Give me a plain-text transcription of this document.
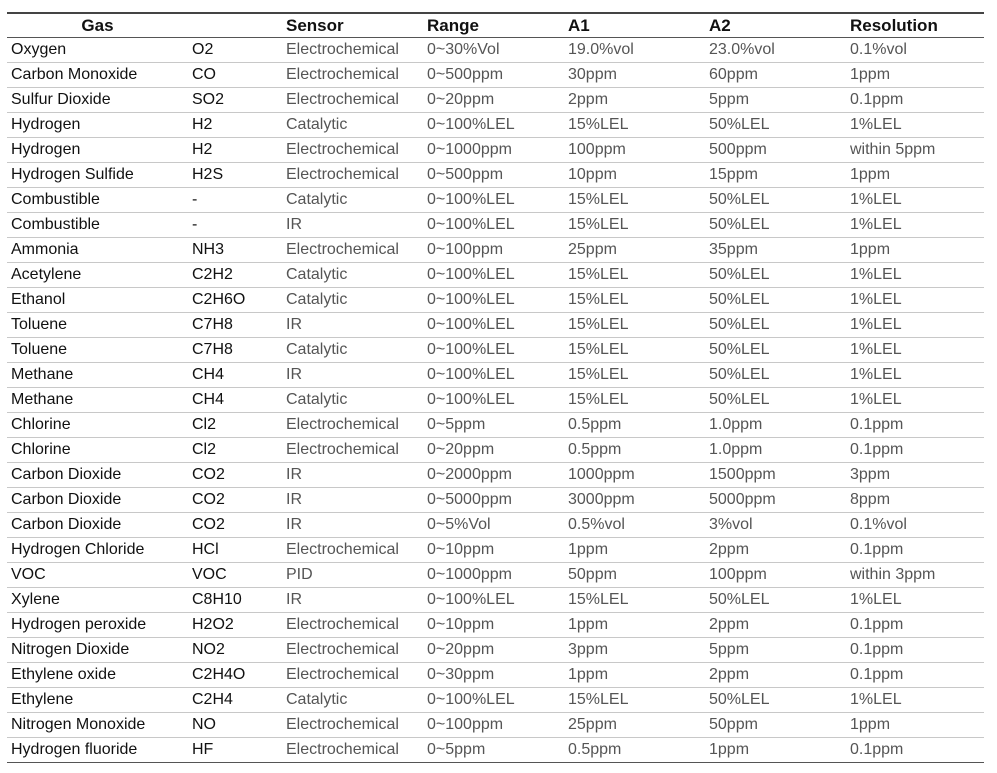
Gas		Sensor	Range	A1	A2	Resolution
Oxygen	O2	Electrochemical	0~30%Vol	19.0%vol	23.0%vol	0.1%vol
Carbon Monoxide	CO	Electrochemical	0~500ppm	30ppm	60ppm	1ppm
Sulfur Dioxide	SO2	Electrochemical	0~20ppm	2ppm	5ppm	0.1ppm
Hydrogen	H2	Catalytic	0~100%LEL	15%LEL	50%LEL	1%LEL
Hydrogen	H2	Electrochemical	0~1000ppm	100ppm	500ppm	within 5ppm
Hydrogen Sulfide	H2S	Electrochemical	0~500ppm	10ppm	15ppm	1ppm
Combustible	-	Catalytic	0~100%LEL	15%LEL	50%LEL	1%LEL
Combustible	-	IR	0~100%LEL	15%LEL	50%LEL	1%LEL
Ammonia	NH3	Electrochemical	0~100ppm	25ppm	35ppm	1ppm
Acetylene	C2H2	Catalytic	0~100%LEL	15%LEL	50%LEL	1%LEL
Ethanol	C2H6O	Catalytic	0~100%LEL	15%LEL	50%LEL	1%LEL
Toluene	C7H8	IR	0~100%LEL	15%LEL	50%LEL	1%LEL
Toluene	C7H8	Catalytic	0~100%LEL	15%LEL	50%LEL	1%LEL
Methane	CH4	IR	0~100%LEL	15%LEL	50%LEL	1%LEL
Methane	CH4	Catalytic	0~100%LEL	15%LEL	50%LEL	1%LEL
Chlorine	Cl2	Electrochemical	0~5ppm	0.5ppm	1.0ppm	0.1ppm
Chlorine	Cl2	Electrochemical	0~20ppm	0.5ppm	1.0ppm	0.1ppm
Carbon Dioxide	CO2	IR	0~2000ppm	1000ppm	1500ppm	3ppm
Carbon Dioxide	CO2	IR	0~5000ppm	3000ppm	5000ppm	8ppm
Carbon Dioxide	CO2	IR	0~5%Vol	0.5%vol	3%vol	0.1%vol
Hydrogen Chloride	HCl	Electrochemical	0~10ppm	1ppm	2ppm	0.1ppm
VOC	VOC	PID	0~1000ppm	50ppm	100ppm	within 3ppm
Xylene	C8H10	IR	0~100%LEL	15%LEL	50%LEL	1%LEL
Hydrogen peroxide	H2O2	Electrochemical	0~10ppm	1ppm	2ppm	0.1ppm
Nitrogen Dioxide	NO2	Electrochemical	0~20ppm	3ppm	5ppm	0.1ppm
Ethylene oxide	C2H4O	Electrochemical	0~30ppm	1ppm	2ppm	0.1ppm
Ethylene	C2H4	Catalytic	0~100%LEL	15%LEL	50%LEL	1%LEL
Nitrogen Monoxide	NO	Electrochemical	0~100ppm	25ppm	50ppm	1ppm
Hydrogen fluoride	HF	Electrochemical	0~5ppm	0.5ppm	1ppm	0.1ppm
